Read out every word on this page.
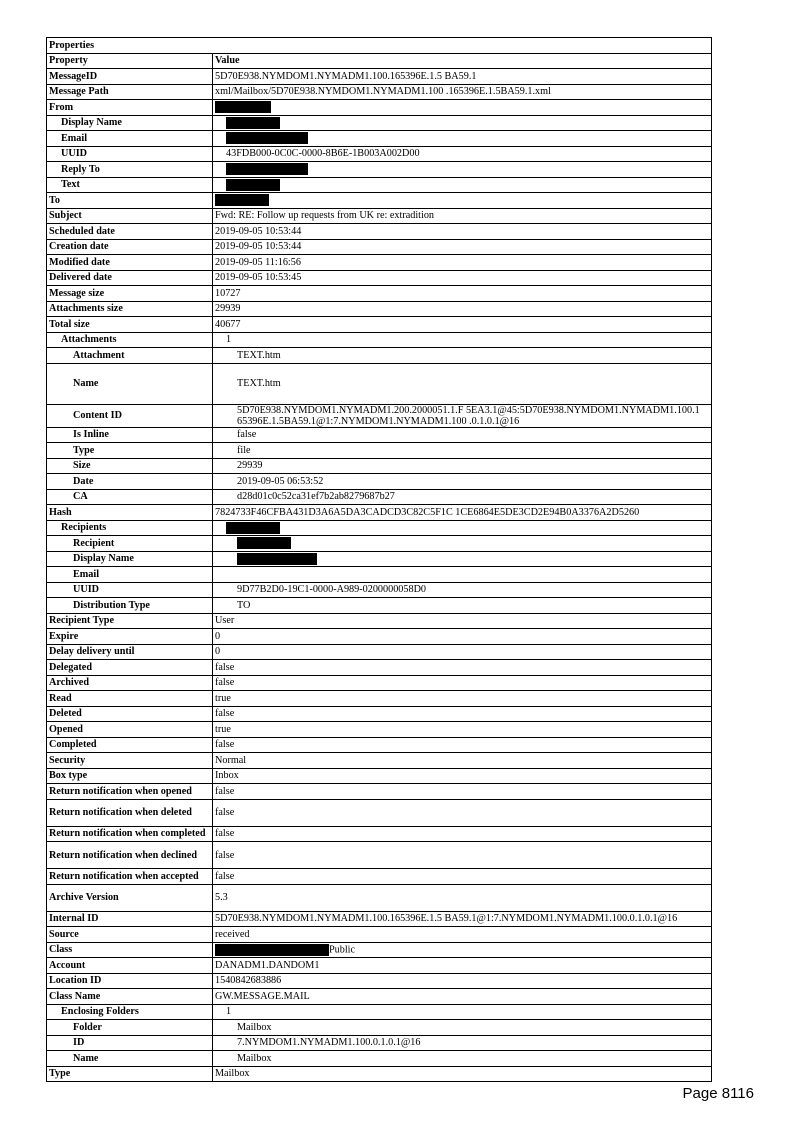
Properties	
Property	Value
MessageID	5D70E938.NYMDOM1.NYMADM1.100.165396E.1.5 BA59.1
Message Path	xml/Mailbox/5D70E938.NYMDOM1.NYMADM1.100 .165396E.1.5BA59.1.xml
From	
Display Name	
Email	
UUID	43FDB000-0C0C-0000-8B6E-1B003A002D00
Reply To	
Text	
To	
Subject	Fwd: RE: Follow up requests from UK re: extradition
Scheduled date	2019-09-05 10:53:44
Creation date	2019-09-05 10:53:44
Modified date	2019-09-05 11:16:56
Delivered date	2019-09-05 10:53:45
Message size	10727
Attachments size	29939
Total size	40677
Attachments	1
Attachment	TEXT.htm
Name	TEXT.htm
Content ID	5D70E938.NYMDOM1.NYMADM1.200.2000051.1.F 5EA3.1@45:5D70E938.NYMDOM1.NYMADM1.100.1 65396E.1.5BA59.1@1:7.NYMDOM1.NYMADM1.100 .0.1.0.1@16
Is Inline	false
Type	file
Size	29939
Date	2019-09-05 06:53:52
CA	d28d01c0c52ca31ef7b2ab8279687b27
Hash	7824733F46CFBA431D3A6A5DA3CADCD3C82C5F1C 1CE6864E5DE3CD2E94B0A3376A2D5260
Recipients	
Recipient	
Display Name	
Email	
UUID	9D77B2D0-19C1-0000-A989-0200000058D0
Distribution Type	TO
Recipient Type	User
Expire	0
Delay delivery until	0
Delegated	false
Archived	false
Read	true
Deleted	false
Opened	true
Completed	false
Security	Normal
Box type	Inbox
Return notification when opened	false
Return notification when deleted	false
Return notification when completed	false
Return notification when declined	false
Return notification when accepted	false
Archive Version	5.3
Internal ID	5D70E938.NYMDOM1.NYMADM1.100.165396E.1.5 BA59.1@1:7.NYMDOM1.NYMADM1.100.0.1.0.1@16
Source	received
Class	Public
Account	DANADM1.DANDOM1
Location ID	1540842683886
Class Name	GW.MESSAGE.MAIL
Enclosing Folders	1
Folder	Mailbox
ID	7.NYMDOM1.NYMADM1.100.0.1.0.1@16
Name	Mailbox
Type	Mailbox
Page 8116
